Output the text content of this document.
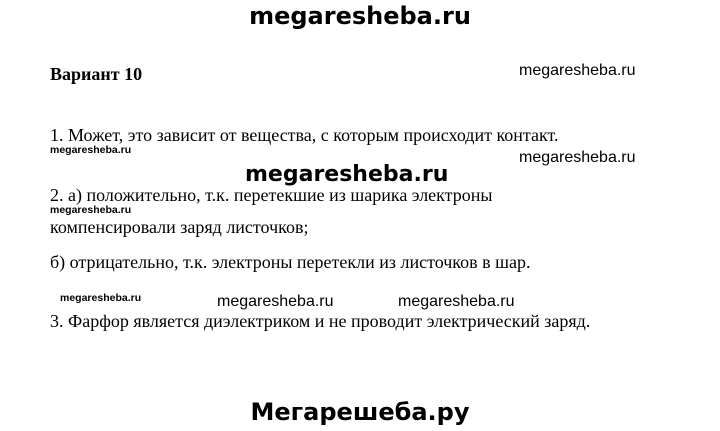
megaresheba.ru
Вариант 10	megaresheba.ru
1. Может, это зависит от вещества, с которым происходит контакт.
megaresheba.ru	megaresheba.ru
megaresheba.ru
2. а) положительно, т.к. перетекшие из шарика электроны
megaresheba.ru
компенсировали заряд листочков;
б) отрицательно, т.к. электроны перетекли из листочков в шар.
megaresheba.ru	megaresheba.ru	megaresheba.ru
3. Фарфор является диэлектриком и не проводит электрический заряд.
Мегарешеба.ру
